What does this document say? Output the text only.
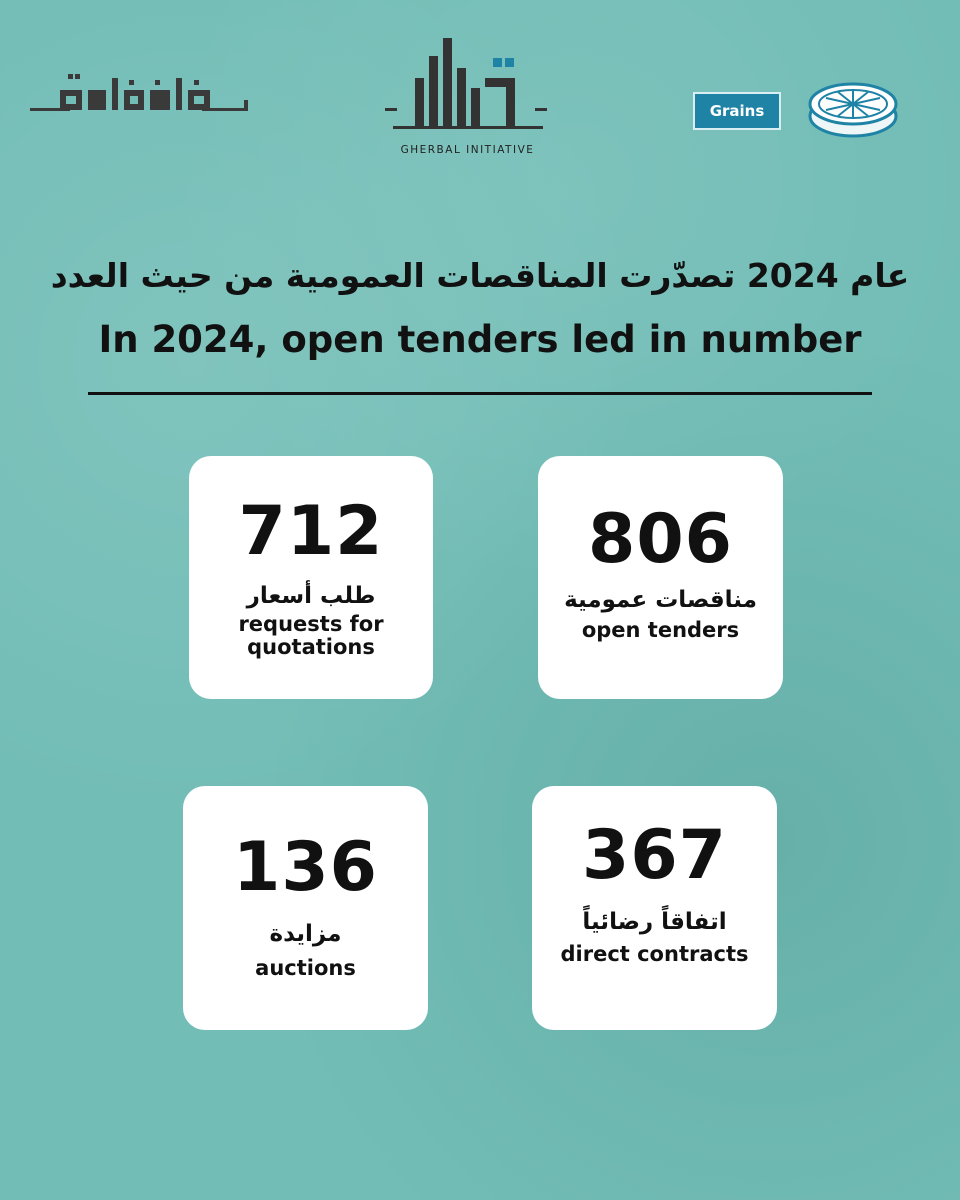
GHERBAL INITIATIVE
Grains
عام 2024 تصدّرت المناقصات العمومية من حيث العدد
In 2024, open tenders led in number
712
طلب أسعار
requests for
quotations
806
مناقصات عمومية
open tenders
136
مزايدة
auctions
367
اتفاقاً رضائياً
direct contracts
